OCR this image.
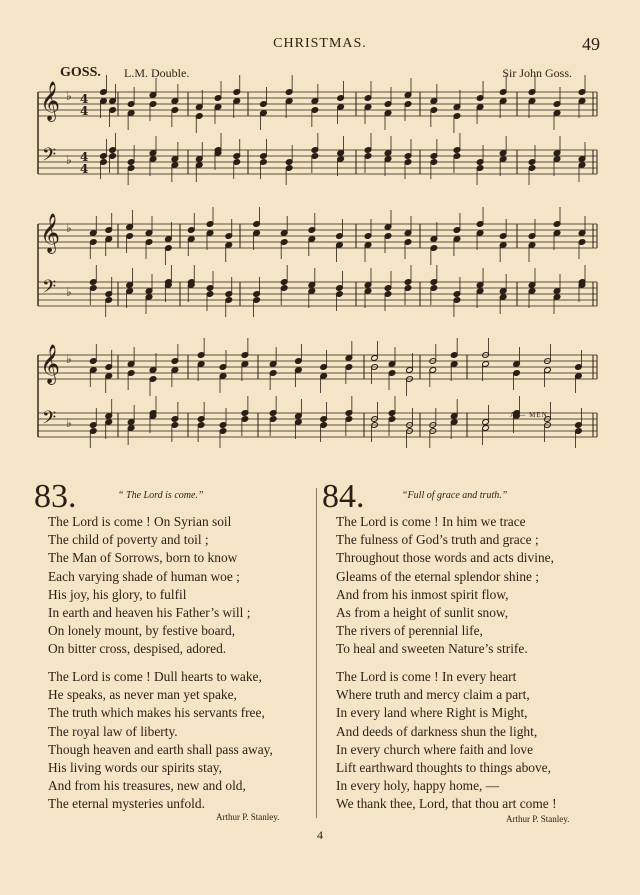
CHRISTMAS.	49
GOSS. L.M. Double.	Sir John Goss.
𝄞
𝄢
♭
♭
4
4
4
4
𝄞
𝄢
♭
♭
𝄞
𝄢
♭
♭
A — MEN.
83.	“ The Lord is come.”
The Lord is come ! On Syrian soil
The child of poverty and toil ;
The Man of Sorrows, born to know
Each varying shade of human woe ;
His joy, his glory, to fulfil
In earth and heaven his Father’s will ;
On lonely mount, by festive board,
On bitter cross, despised, adored.
The Lord is come ! Dull hearts to wake,
He speaks, as never man yet spake,
The truth which makes his servants free,
The royal law of liberty.
Though heaven and earth shall pass away,
His living words our spirits stay,
And from his treasures, new and old,
The eternal mysteries unfold.
Arthur P. Stanley.
84.	“Full of grace and truth.”
The Lord is come ! In him we trace
The fulness of God’s truth and grace ;
Throughout those words and acts divine,
Gleams of the eternal splendor shine ;
And from his inmost spirit flow,
As from a height of sunlit snow,
The rivers of perennial life,
To heal and sweeten Nature’s strife.
The Lord is come ! In every heart
Where truth and mercy claim a part,
In every land where Right is Might,
And deeds of darkness shun the light,
In every church where faith and love
Lift earthward thoughts to things above,
In every holy, happy home, —
We thank thee, Lord, that thou art come !
Arthur P. Stanley.
4
